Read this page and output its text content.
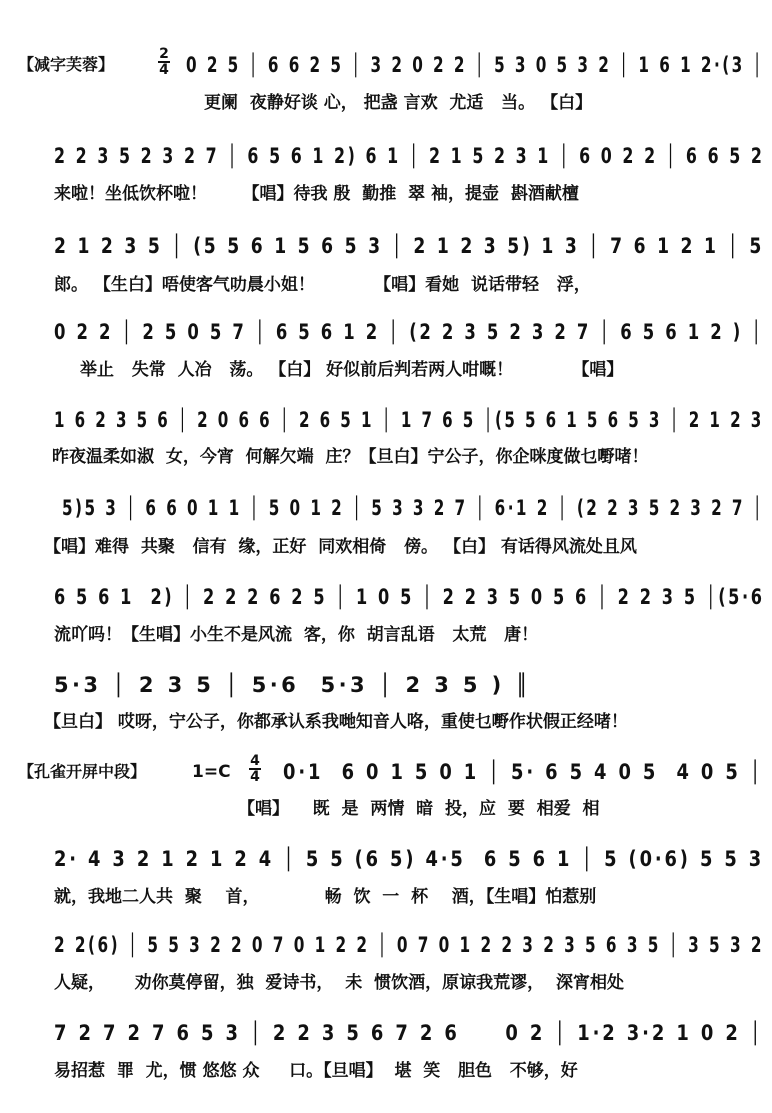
【减字芙蓉】
2
4 0 2 5 │ 6 6 2 5 │ 3 2 0 2 2 │ 5 3 0 5 3 2 │ 1 6 1 2·(3 │
更阑  夜静好谈 心， 把盏 言欢  尤适   当。 【白】
2 2 3 5 2 3 2 7 │ 6 5 6 1 2) 6 1 │ 2 1 5 2 3 1 │ 6 0 2 2 │ 6 6 5 2
来啦！坐低饮杯啦！      【唱】待我 殷  勤推  翠 袖，提壶  斟酒献檀
2 1 2 3 5 │ (5 5 6 1 5 6 5 3 │ 2 1 2 3 5) 1 3 │ 7 6 1 2 1 │ 5
郎。 【生白】唔使客气叻晨小姐！          【唱】看她  说话带轻   浮，
0 2 2 │ 2 5 0 5 7 │ 6 5 6 1 2 │ (2 2 3 5 2 3 2 7 │ 6 5 6 1 2 ) │
举止   失常  人冶   荡。 【白】 好似前后判若两人咁嘅！          【唱】
1 6 2 3 5 6 │ 2 0 6 6 │ 2 6 5 1 │ 1 7 6 5 │(5 5 6 1 5 6 5 3 │ 2 1 2 3
昨夜温柔如淑  女，今宵  何解欠端  庄？【旦白】宁公子，你企咪度做乜嘢啫！
5)5 3 │ 6 6 0 1 1 │ 5 0 1 2 │ 5 3 3 2 7 │ 6·1 2 │ (2 2 3 5 2 3 2 7 │
【唱】难得  共聚   信有  缘，正好  同欢相倚   傍。 【白】 有话得风流处且风
6 5 6 1  2) │ 2 2 2 6 2 5 │ 1 0 5 │ 2 2 3 5 0 5 6 │ 2 2 3 5 │(5·6
流吖吗！【生唱】小生不是风流  客，你  胡言乱语   太荒   唐！
5·3 │ 2 3 5 │ 5·6  5·3 │ 2 3 5 ) ║
【旦白】 哎呀，宁公子，你都承认系我哋知音人咯，重使乜嘢作状假正经啫！
【孔雀开屏中段】	1=C
4
4 0·1  6 0 1 5 0 1 │ 5· 6 5 4 0 5  4 0 5 │
【唱】    既  是  两情  暗  投，应  要  相爱  相
2· 4 3 2 1 2 1 2 4 │ 5 5 (6 5) 4·5  6 5 6 1 │ 5 (0·6) 5 5 3
就，我地二人共  聚    首，           畅  饮  一  杯    酒，【生唱】怕惹别
2 2(6) │ 5 5 3 2 2 0 7 0 1 2 2 │ 0 7 0 1 2 2 3 2 3 5 6 3 5 │ 3 5 3 2
人疑，     劝你莫停留，独  爱诗书，  未  惯饮酒，原谅我荒谬，  深宵相处
7 2 7 2 7 6 5 3 │ 2 2 3 5 6 7 2 6     0 2 │ 1·2 3·2 1 0 2 │
易招惹  罪  尤，惯 悠悠 众     口。【旦唱】  堪  笑   胆色   不够，好
